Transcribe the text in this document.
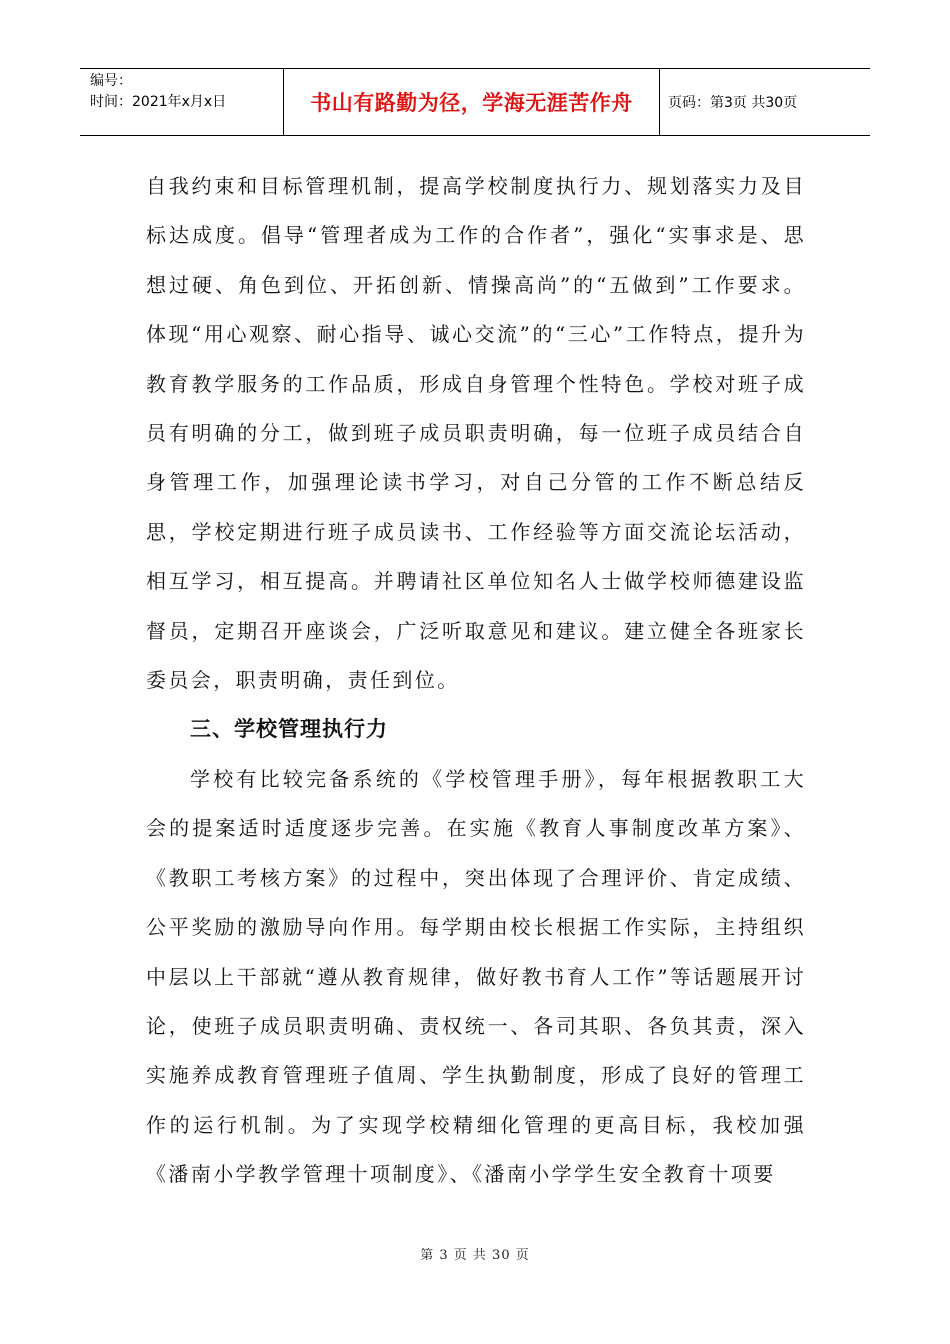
编号：
时间：2021年x月x日	书山有路勤为径，学海无涯苦作舟	页码：第3页 共30页

自我约束和目标管理机制，提高学校制度执行力、规划落实力及目标达成度。倡导“管理者成为工作的合作者”，强化“实事求是、思想过硬、角色到位、开拓创新、情操高尚”的“五做到”工作要求。体现“用心观察、耐心指导、诚心交流”的“三心”工作特点，提升为教育教学服务的工作品质，形成自身管理个性特色。学校对班子成员有明确的分工，做到班子成员职责明确，每一位班子成员结合自身管理工作，加强理论读书学习，对自己分管的工作不断总结反思，学校定期进行班子成员读书、工作经验等方面交流论坛活动，相互学习，相互提高。并聘请社区单位知名人士做学校师德建设监督员，定期召开座谈会，广泛听取意见和建议。建立健全各班家长委员会，职责明确，责任到位。

三、学校管理执行力

学校有比较完备系统的《学校管理手册》，每年根据教职工大会的提案适时适度逐步完善。在实施《教育人事制度改革方案》、《教职工考核方案》的过程中，突出体现了合理评价、肯定成绩、公平奖励的激励导向作用。每学期由校长根据工作实际，主持组织中层以上干部就“遵从教育规律，做好教书育人工作”等话题展开讨论，使班子成员职责明确、责权统一、各司其职、各负其责，深入实施养成教育管理班子值周、学生执勤制度，形成了良好的管理工作的运行机制。为了实现学校精细化管理的更高目标，我校加强《潘南小学教学管理十项制度》、《潘南小学学生安全教育十项要

第 3 页 共 30 页
